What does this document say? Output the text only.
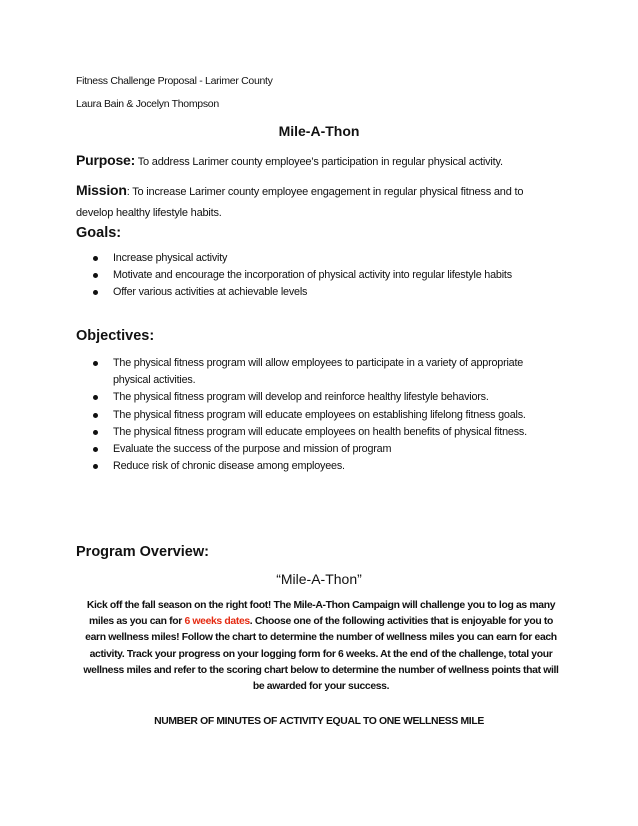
Fitness Challenge Proposal - Larimer County
Laura Bain & Jocelyn Thompson
Mile-A-Thon
Purpose: To address Larimer county employee’s participation in regular physical activity.
Mission: To increase Larimer county employee engagement in regular physical fitness and to develop healthy lifestyle habits.
Goals:
Increase physical activity
Motivate and encourage the incorporation of physical activity into regular lifestyle habits
Offer various activities at achievable levels
Objectives:
The physical fitness program will allow employees to participate in a variety of appropriate physical activities.
The physical fitness program will develop and reinforce healthy lifestyle behaviors.
The physical fitness program will educate employees on establishing lifelong fitness goals.
The physical fitness program will educate employees on health benefits of physical fitness.
Evaluate the success of the purpose and mission of program
Reduce risk of chronic disease among employees.
Program Overview:
“Mile-A-Thon”
Kick off the fall season on the right foot! The Mile-A-Thon Campaign will challenge you to log as many miles as you can for 6 weeks dates. Choose one of the following activities that is enjoyable for you to earn wellness miles! Follow the chart to determine the number of wellness miles you can earn for each activity. Track your progress on your logging form for 6 weeks. At the end of the challenge, total your wellness miles and refer to the scoring chart below to determine the number of wellness points that will be awarded for your success.
NUMBER OF MINUTES OF ACTIVITY EQUAL TO ONE WELLNESS MILE
